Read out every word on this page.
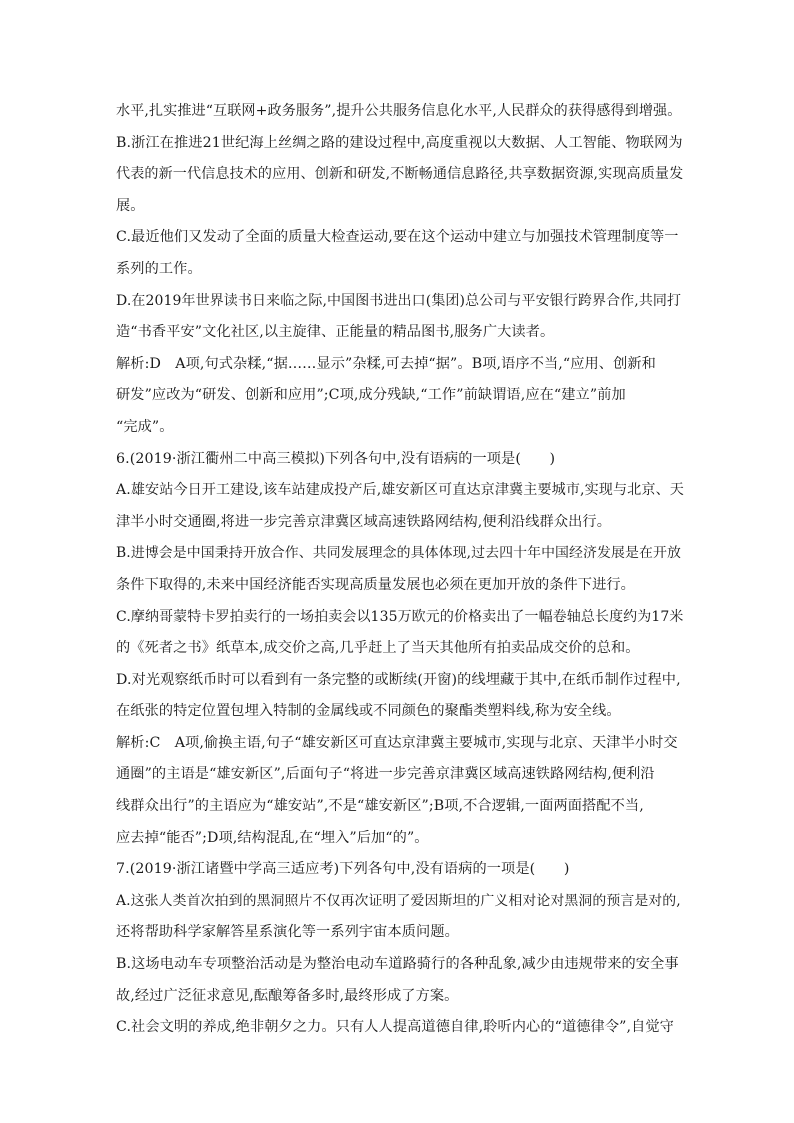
水平,扎实推进“互联网+政务服务”,提升公共服务信息化水平,人民群众的获得感得到增强。
B.浙江在推进21世纪海上丝绸之路的建设过程中,高度重视以大数据、人工智能、物联网为
代表的新一代信息技术的应用、创新和研发,不断畅通信息路径,共享数据资源,实现高质量发
展。
C.最近他们又发动了全面的质量大检查运动,要在这个运动中建立与加强技术管理制度等一
系列的工作。
D.在2019年世界读书日来临之际,中国图书进出口(集团)总公司与平安银行跨界合作,共同打
造“书香平安”文化社区,以主旋律、正能量的精品图书,服务广大读者。
解析:D　A项,句式杂糅,“据……显示”杂糅,可去掉“据”。B项,语序不当,“应用、创新和
研发”应改为“研发、创新和应用”;C项,成分残缺,“工作”前缺谓语,应在“建立”前加
“完成”。
6.(2019·浙江衢州二中高三模拟)下列各句中,没有语病的一项是(　　)
A.雄安站今日开工建设,该车站建成投产后,雄安新区可直达京津冀主要城市,实现与北京、天
津半小时交通圈,将进一步完善京津冀区域高速铁路网结构,便利沿线群众出行。
B.进博会是中国秉持开放合作、共同发展理念的具体体现,过去四十年中国经济发展是在开放
条件下取得的,未来中国经济能否实现高质量发展也必须在更加开放的条件下进行。
C.摩纳哥蒙特卡罗拍卖行的一场拍卖会以135万欧元的价格卖出了一幅卷轴总长度约为17米
的《死者之书》纸草本,成交价之高,几乎赶上了当天其他所有拍卖品成交价的总和。
D.对光观察纸币时可以看到有一条完整的或断续(开窗)的线埋藏于其中,在纸币制作过程中,
在纸张的特定位置包埋入特制的金属线或不同颜色的聚酯类塑料线,称为安全线。
解析:C　A项,偷换主语,句子“雄安新区可直达京津冀主要城市,实现与北京、天津半小时交
通圈”的主语是“雄安新区”,后面句子“将进一步完善京津冀区域高速铁路网结构,便利沿
线群众出行”的主语应为“雄安站”,不是“雄安新区”;B项,不合逻辑,一面两面搭配不当,
应去掉“能否”;D项,结构混乱,在“埋入”后加“的”。
7.(2019·浙江诸暨中学高三适应考)下列各句中,没有语病的一项是(　　)
A.这张人类首次拍到的黑洞照片不仅再次证明了爱因斯坦的广义相对论对黑洞的预言是对的,
还将帮助科学家解答星系演化等一系列宇宙本质问题。
B.这场电动车专项整治活动是为整治电动车道路骑行的各种乱象,减少由违规带来的安全事
故,经过广泛征求意见,酝酿筹备多时,最终形成了方案。
C.社会文明的养成,绝非朝夕之力。只有人人提高道德自律,聆听内心的“道德律令”,自觉守
